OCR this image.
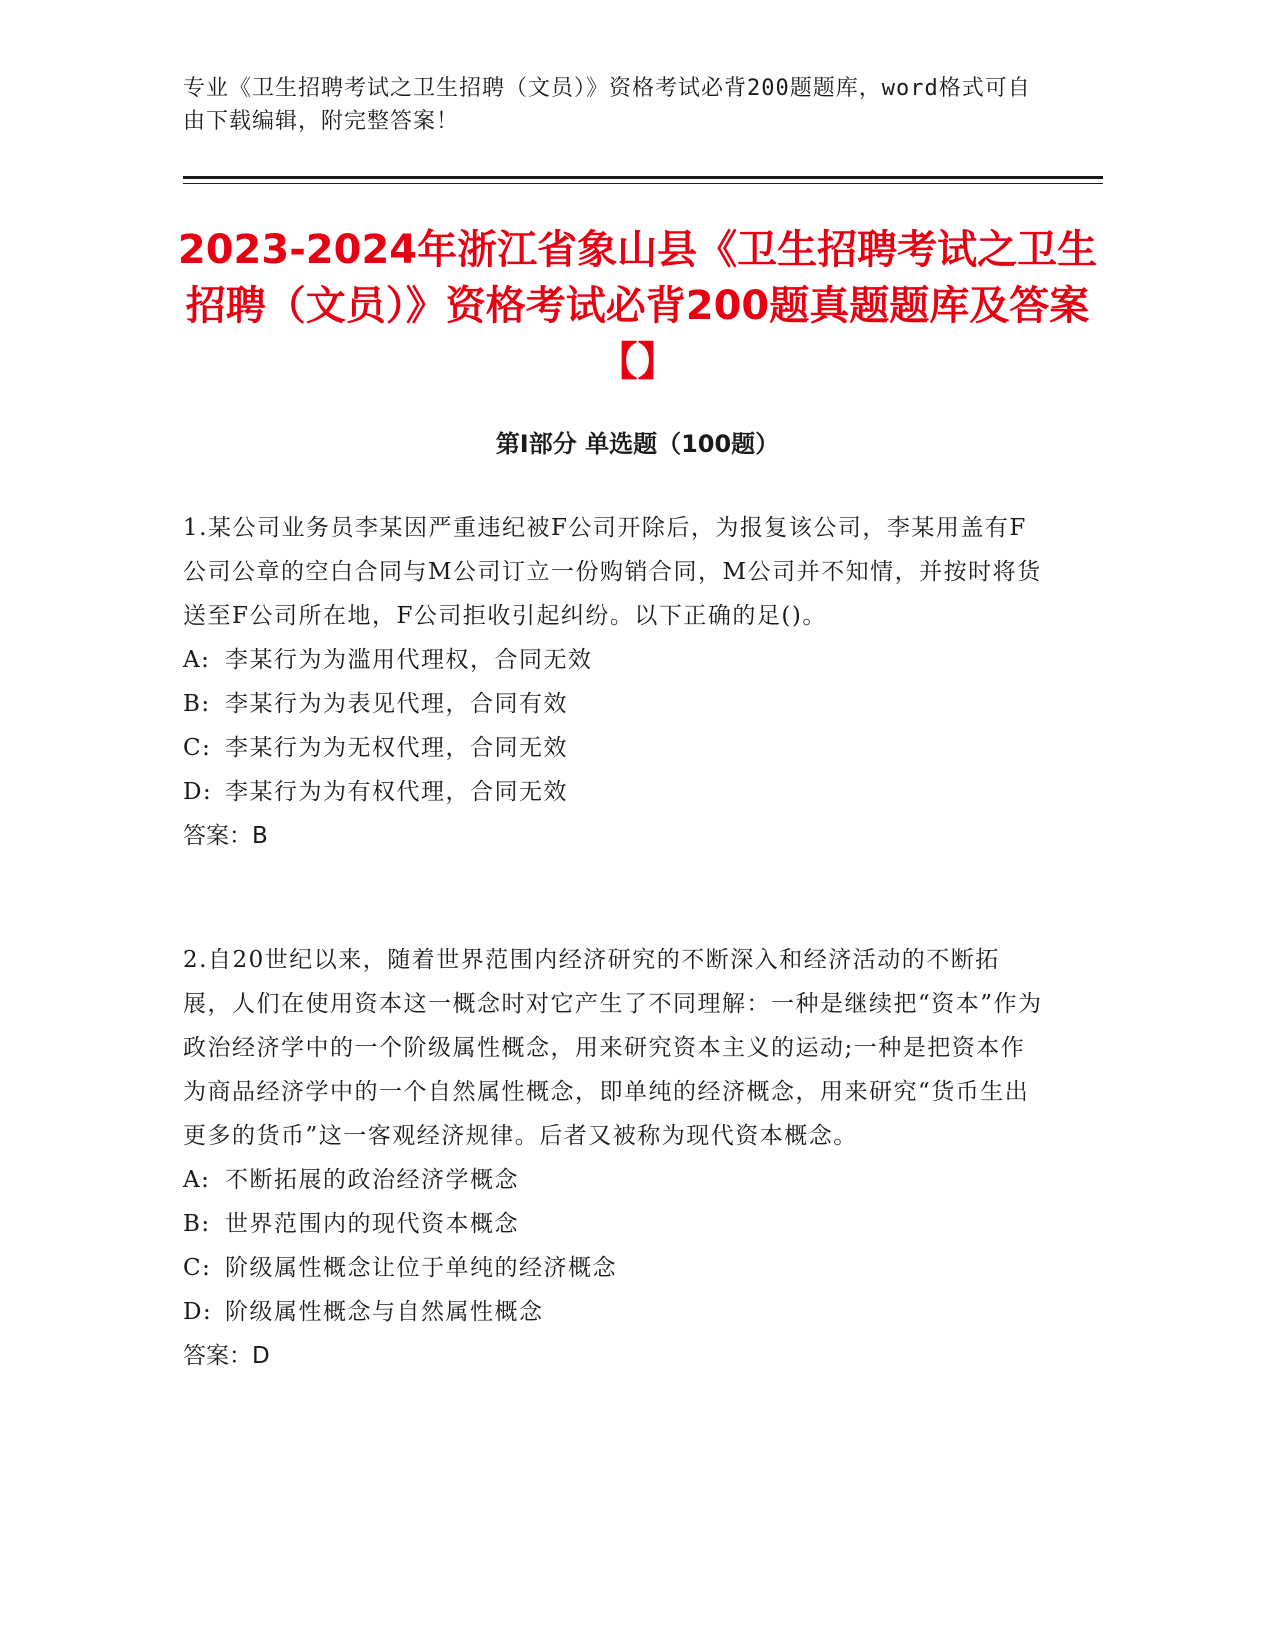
专业《卫生招聘考试之卫生招聘（文员）》资格考试必背200题题库，word格式可自由下载编辑，附完整答案！
2023-2024年浙江省象山县《卫生招聘考试之卫生招聘（文员）》资格考试必背200题真题题库及答案【】
第Ⅰ部分 单选题（100题）

1.某公司业务员李某因严重违纪被F公司开除后，为报复该公司，李某用盖有F公司公章的空白合同与M公司订立一份购销合同，M公司并不知情，并按时将货送至F公司所在地，F公司拒收引起纠纷。以下正确的足()。

A: 李某行为为滥用代理权，合同无效
B: 李某行为为表见代理，合同有效
C: 李某行为为无权代理，合同无效
D: 李某行为为有权代理，合同无效

答案：B

2.自20世纪以来，随着世界范围内经济研究的不断深入和经济活动的不断拓展，人们在使用资本这一概念时对它产生了不同理解：一种是继续把“资本”作为政治经济学中的一个阶级属性概念，用来研究资本主义的运动;一种是把资本作为商品经济学中的一个自然属性概念，即单纯的经济概念，用来研究“货币生出更多的货币”这一客观经济规律。后者又被称为现代资本概念。

A: 不断拓展的政治经济学概念
B: 世界范围内的现代资本概念
C: 阶级属性概念让位于单纯的经济概念
D: 阶级属性概念与自然属性概念

答案：D
